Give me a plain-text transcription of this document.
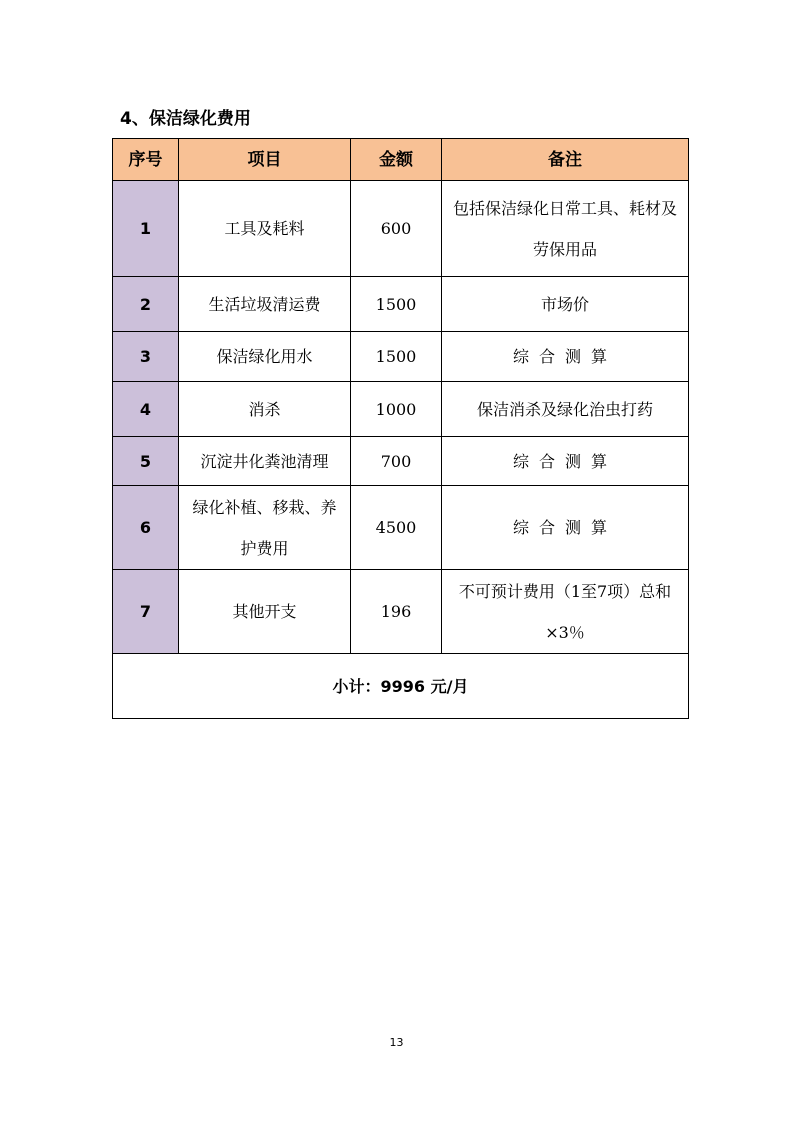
4、保洁绿化费用
序号	项目	金额	备注
1	工具及耗料	600	包括保洁绿化日常工具、耗材及劳保用品
2	生活垃圾清运费	1500	市场价
3	保洁绿化用水	1500	综合测算
4	消杀	1000	保洁消杀及绿化治虫打药
5	沉淀井化粪池清理	700	综合测算
6	绿化补植、移栽、养护费用	4500	综合测算
7	其他开支	196	不可预计费用（1至7项）总和×3％
小计：9996 元/月			
13
